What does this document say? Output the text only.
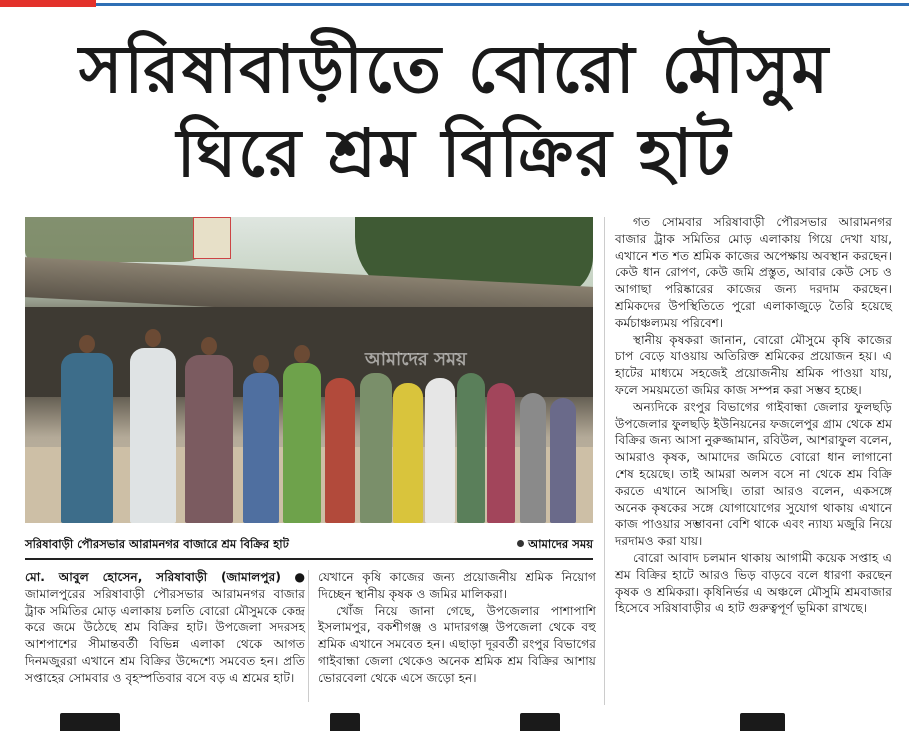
সরিষাবাড়ীতে বোরো মৌসুম
ঘিরে শ্রম বিক্রির হাট
আমাদের সময়
সরিষাবাড়ী পৌরসভার আরামনগর বাজারে শ্রম বিক্রির হাট	আমাদের সময়

মো. আবুল হোসেন, সরিষাবাড়ী (জামালপুর) ● জামালপুরের সরিষাবাড়ী পৌরসভার আরামনগর বাজার ট্রাক সমিতির মোড় এলাকায় চলতি বোরো মৌসুমকে কেন্দ্র করে জমে উঠেছে শ্রম বিক্রির হাট। উপজেলা সদরসহ আশপাশের সীমান্তবর্তী বিভিন্ন এলাকা থেকে আগত দিনমজুররা এখানে শ্রম বিক্রির উদ্দেশ্যে সমবেত হন। প্রতি সপ্তাহের সোমবার ও বৃহস্পতিবার বসে বড় এ শ্রমের হাট।

যেখানে কৃষি কাজের জন্য প্রয়োজনীয় শ্রমিক নিয়োগ দিচ্ছেন স্থানীয় কৃষক ও জমির মালিকরা।

খোঁজ নিয়ে জানা গেছে, উপজেলার পাশাপাশি ইসলামপুর, বকশীগঞ্জ ও মাদারগঞ্জ উপজেলা থেকে বহু শ্রমিক এখানে সমবেত হন। এছাড়া দূরবর্তী রংপুর বিভাগের গাইবান্ধা জেলা থেকেও অনেক শ্রমিক শ্রম বিক্রির আশায় ভোরবেলা থেকে এসে জড়ো হন।

গত সোমবার সরিষাবাড়ী পৌরসভার আরামনগর বাজার ট্রাক সমিতির মোড় এলাকায় গিয়ে দেখা যায়, এখানে শত শত শ্রমিক কাজের অপেক্ষায় অবস্থান করছেন। কেউ ধান রোপণ, কেউ জমি প্রস্তুত, আবার কেউ সেচ ও আগাছা পরিষ্কারের কাজের জন্য দরদাম করছেন। শ্রমিকদের উপস্থিতিতে পুরো এলাকাজুড়ে তৈরি হয়েছে কর্মচাঞ্চল্যময় পরিবেশ।

স্থানীয় কৃষকরা জানান, বোরো মৌসুমে কৃষি কাজের চাপ বেড়ে যাওয়ায় অতিরিক্ত শ্রমিকের প্রয়োজন হয়। এ হাটের মাধ্যমে সহজেই প্রয়োজনীয় শ্রমিক পাওয়া যায়, ফলে সময়মতো জমির কাজ সম্পন্ন করা সম্ভব হচ্ছে।

অন্যদিকে রংপুর বিভাগের গাইবান্ধা জেলার ফুলছড়ি উপজেলার ফুলছড়ি ইউনিয়নের ফজলেপুর গ্রাম থেকে শ্রম বিক্রির জন্য আসা নুরুজ্জামান, রবিউল, আশরাফুল বলেন, আমরাও কৃষক, আমাদের জমিতে বোরো ধান লাগানো শেষ হয়েছে। তাই আমরা অলস বসে না থেকে শ্রম বিক্রি করতে এখানে আসছি। তারা আরও বলেন, একসঙ্গে অনেক কৃষকের সঙ্গে যোগাযোগের সুযোগ থাকায় এখানে কাজ পাওয়ার সম্ভাবনা বেশি থাকে এবং ন্যায্য মজুরি নিয়ে দরদামও করা যায়।

বোরো আবাদ চলমান থাকায় আগামী কয়েক সপ্তাহ এ শ্রম বিক্রির হাটে আরও ভিড় বাড়বে বলে ধারণা করছেন কৃষক ও শ্রমিকরা। কৃষিনির্ভর এ অঞ্চলে মৌসুমি শ্রমবাজার হিসেবে সরিষাবাড়ীর এ হাট গুরুত্বপূর্ণ ভূমিকা রাখছে।
